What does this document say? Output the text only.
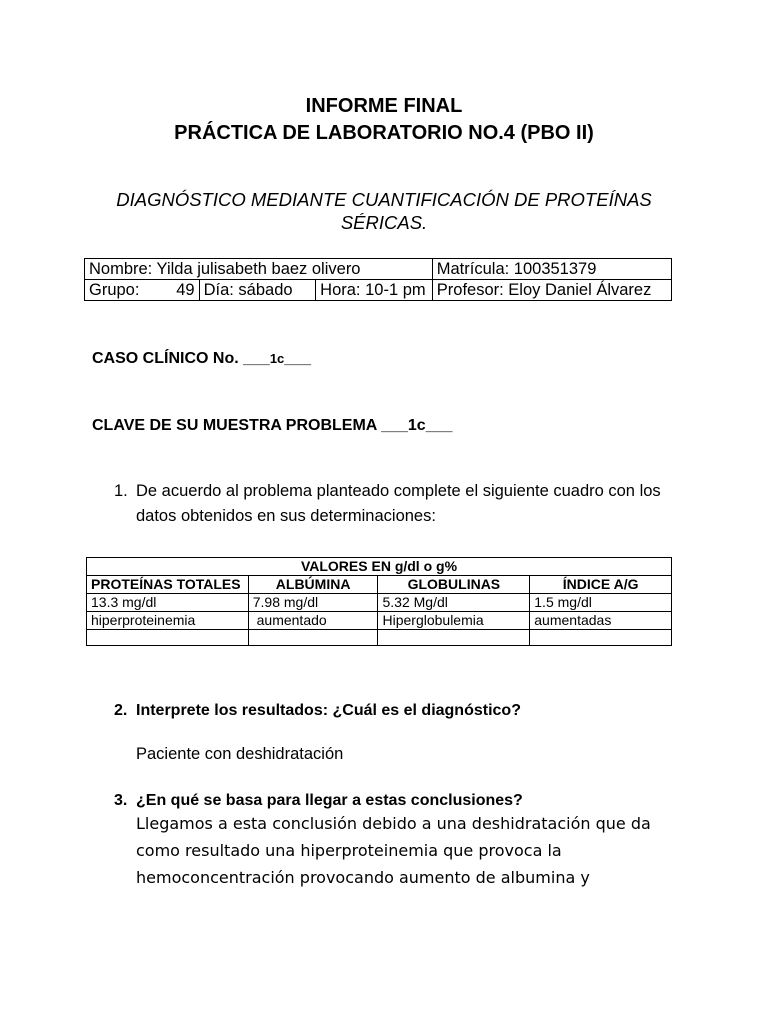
INFORME FINAL
PRÁCTICA DE LABORATORIO NO.4 (PBO II)
DIAGNÓSTICO MEDIANTE CUANTIFICACIÓN DE PROTEÍNAS
SÉRICAS.
Nombre: Yilda julisabeth baez olivero				Matrícula: 100351379
Grupo:	49	Día: sábado	Hora: 10-1 pm	Profesor: Eloy Daniel Álvarez
CASO CLÍNICO No. ___1c___
CLAVE DE SU MUESTRA PROBLEMA ___1c___
1. De acuerdo al problema planteado complete el siguiente cuadro con los datos obtenidos en sus determinaciones:
VALORES EN g/dl o g%			
PROTEÍNAS TOTALES	ALBÚMINA	GLOBULINAS	ÍNDICE A/G
13.3 mg/dl	7.98 mg/dl	5.32 Mg/dl	1.5 mg/dl
hiperproteinemia	aumentado	Hiperglobulemia	aumentadas

2. Interprete los resultados: ¿Cuál es el diagnóstico?
Paciente con deshidratación
3. ¿En qué se basa para llegar a estas conclusiones?
Llegamos a esta conclusión debido a una deshidratación que da como resultado una hiperproteinemia que provoca la hemoconcentración provocando aumento de albumina y
